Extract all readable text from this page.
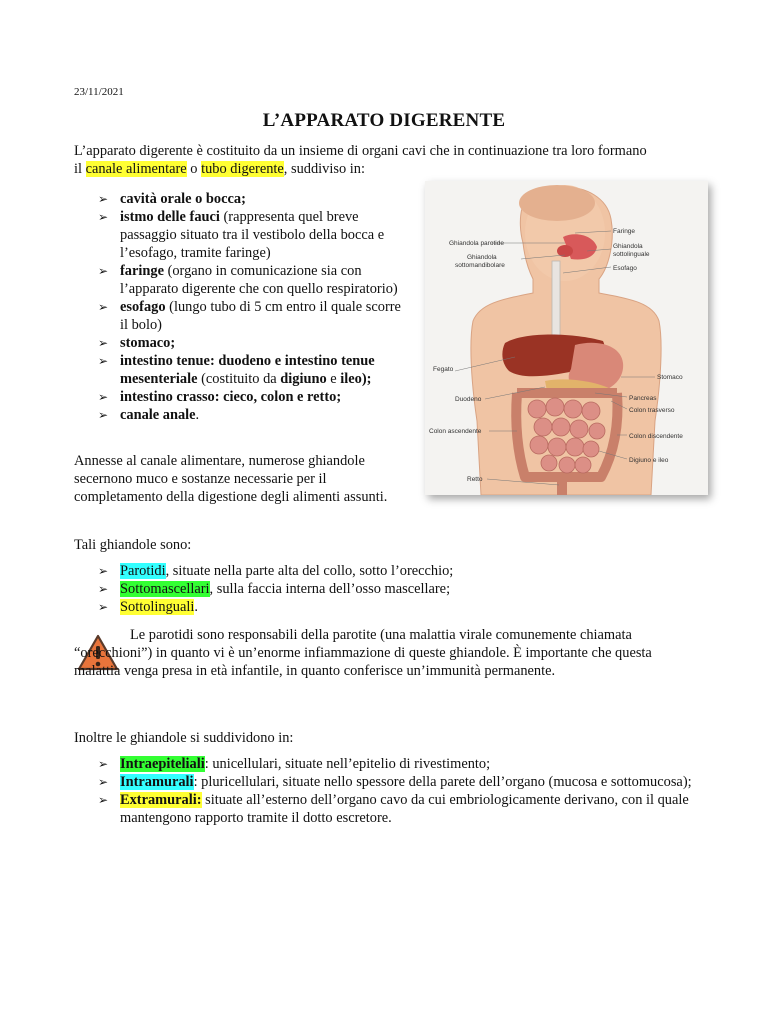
23/11/2021
L’APPARATO DIGERENTE
L’apparato digerente è costituito da un insieme di organi cavi che in continuazione tra loro formano
il canale alimentare o tubo digerente, suddiviso in:
➢ cavità orale o bocca;
➢ istmo delle fauci (rappresenta quel breve passaggio situato tra il vestibolo della bocca e l’esofago, tramite faringe)
➢ faringe (organo in comunicazione sia con l’apparato digerente che con quello respiratorio)
➢ esofago (lungo tubo di 5 cm entro il quale scorre il bolo)
➢ stomaco;
➢ intestino tenue: duodeno e intestino tenue mesenteriale (costituito da digiuno e ileo);
➢ intestino crasso: cieco, colon e retto;
➢ canale anale.
Faringe
Ghiandola parotide	Ghiandola
sottolinguale
Ghiandola
sottomandibolare	Esofago
Fegato
Stomaco
Duodeno	Pancreas
Colon trasverso
Colon ascendente
Colon discendente
Digiuno e ileo
Retto
Annesse al canale alimentare, numerose ghiandole secernono muco e sostanze necessarie per il completamento della digestione degli alimenti assunti.
Tali ghiandole sono:
➢ Parotidi, situate nella parte alta del collo, sotto l’orecchio;
➢ Sottomascellari, sulla faccia interna dell’osso mascellare;
➢ Sottolinguali.
Le parotidi sono responsabili della parotite (una malattia virale comunemente chiamata “orecchioni”) in quanto vi è un’enorme infiammazione di queste ghiandole. È importante che questa malattia venga presa in età infantile, in quanto conferisce un’immunità permanente.
Inoltre le ghiandole si suddividono in:
➢ Intraepiteliali: unicellulari, situate nell’epitelio di rivestimento;
➢ Intramurali: pluricellulari, situate nello spessore della parete dell’organo (mucosa e sottomucosa);
➢ Extramurali: situate all’esterno dell’organo cavo da cui embriologicamente derivano, con il quale mantengono rapporto tramite il dotto escretore.
